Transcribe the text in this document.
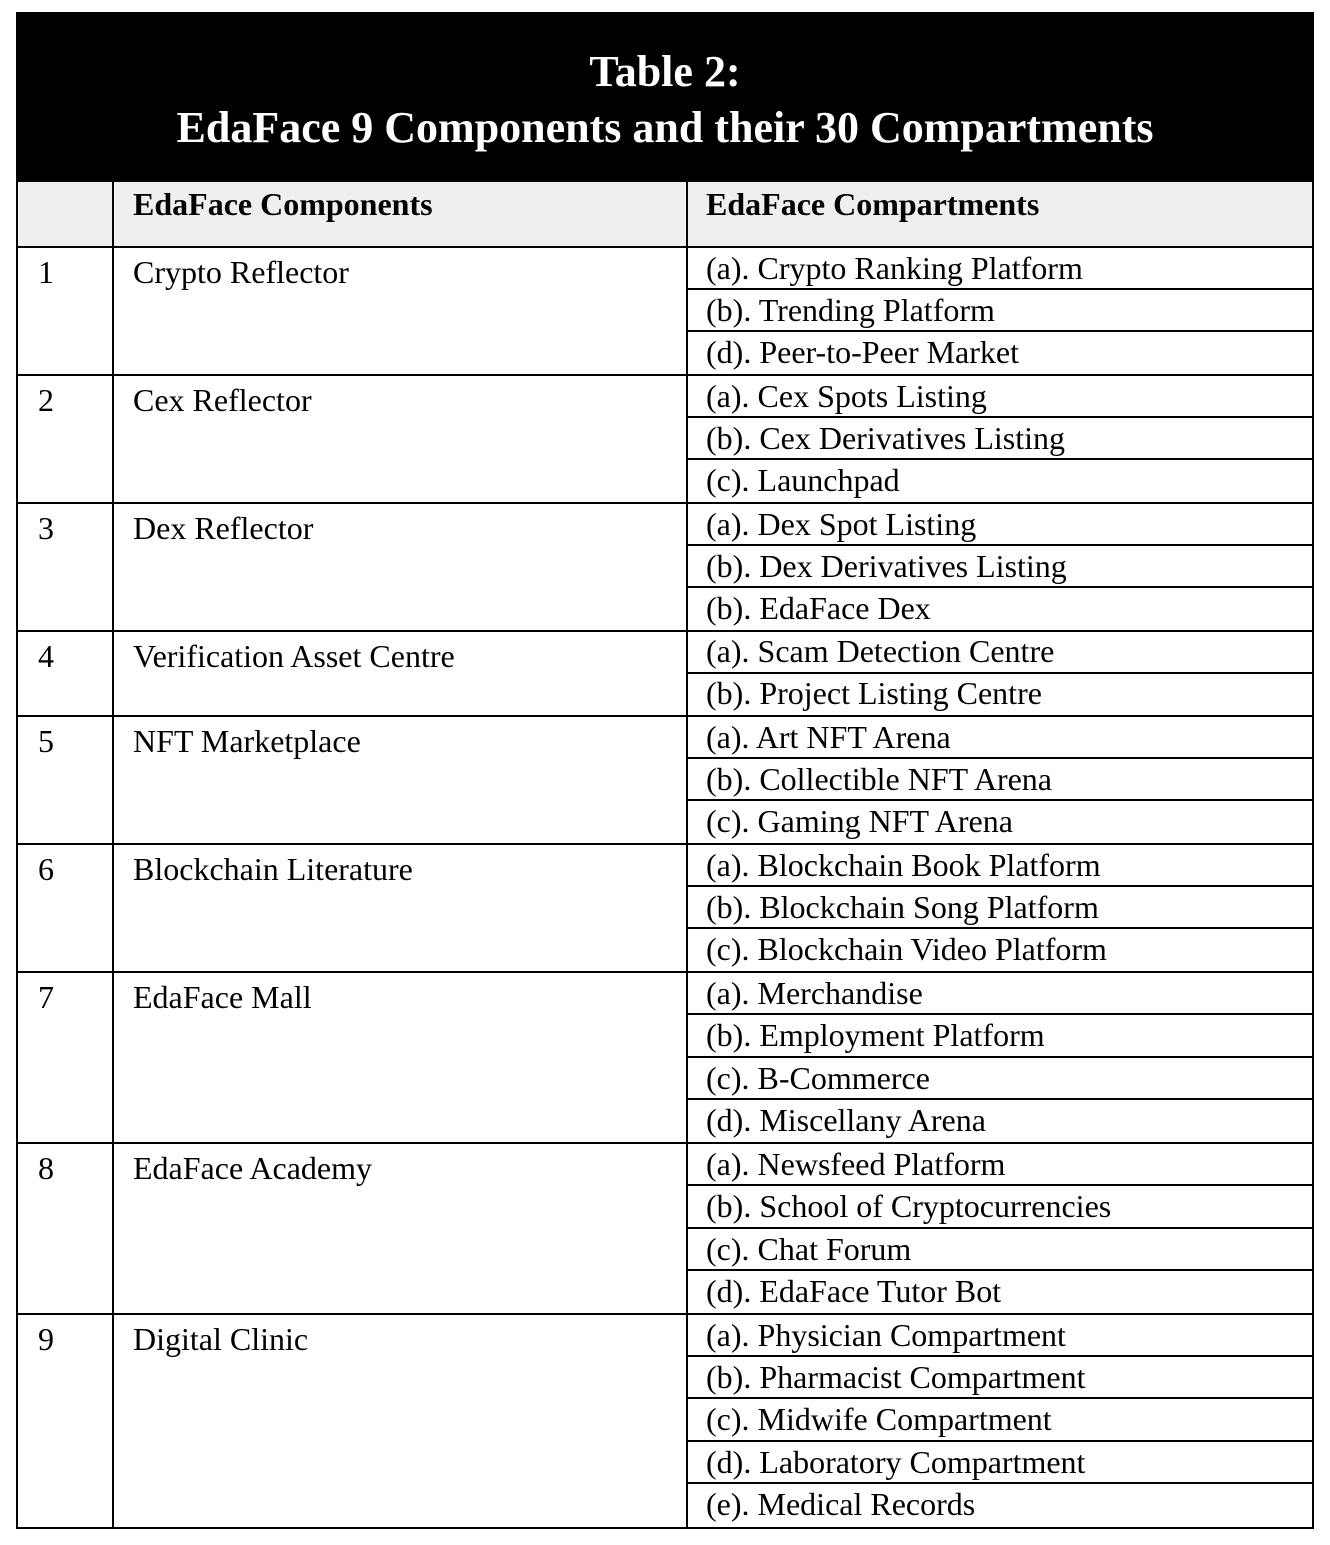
Table 2:
EdaFace 9 Components and their 30 Compartments
EdaFace Components	EdaFace Compartments
1 Crypto Reflector	(a). Crypto Ranking Platform
(b). Trending Platform
(d). Peer-to-Peer Market
2 Cex Reflector	(a). Cex Spots Listing
(b). Cex Derivatives Listing
(c). Launchpad
3 Dex Reflector	(a). Dex Spot Listing
(b). Dex Derivatives Listing
(b). EdaFace Dex
4 Verification Asset Centre	(a). Scam Detection Centre
(b). Project Listing Centre
5 NFT Marketplace	(a). Art NFT Arena
(b). Collectible NFT Arena
(c). Gaming NFT Arena
6 Blockchain Literature	(a). Blockchain Book Platform
(b). Blockchain Song Platform
(c). Blockchain Video Platform
7 EdaFace Mall	(a). Merchandise
(b). Employment Platform
(c). B-Commerce
(d). Miscellany Arena
8 EdaFace Academy	(a). Newsfeed Platform
(b). School of Cryptocurrencies
(c). Chat Forum
(d). EdaFace Tutor Bot
9 Digital Clinic	(a). Physician Compartment
(b). Pharmacist Compartment
(c). Midwife Compartment
(d). Laboratory Compartment
(e). Medical Records
